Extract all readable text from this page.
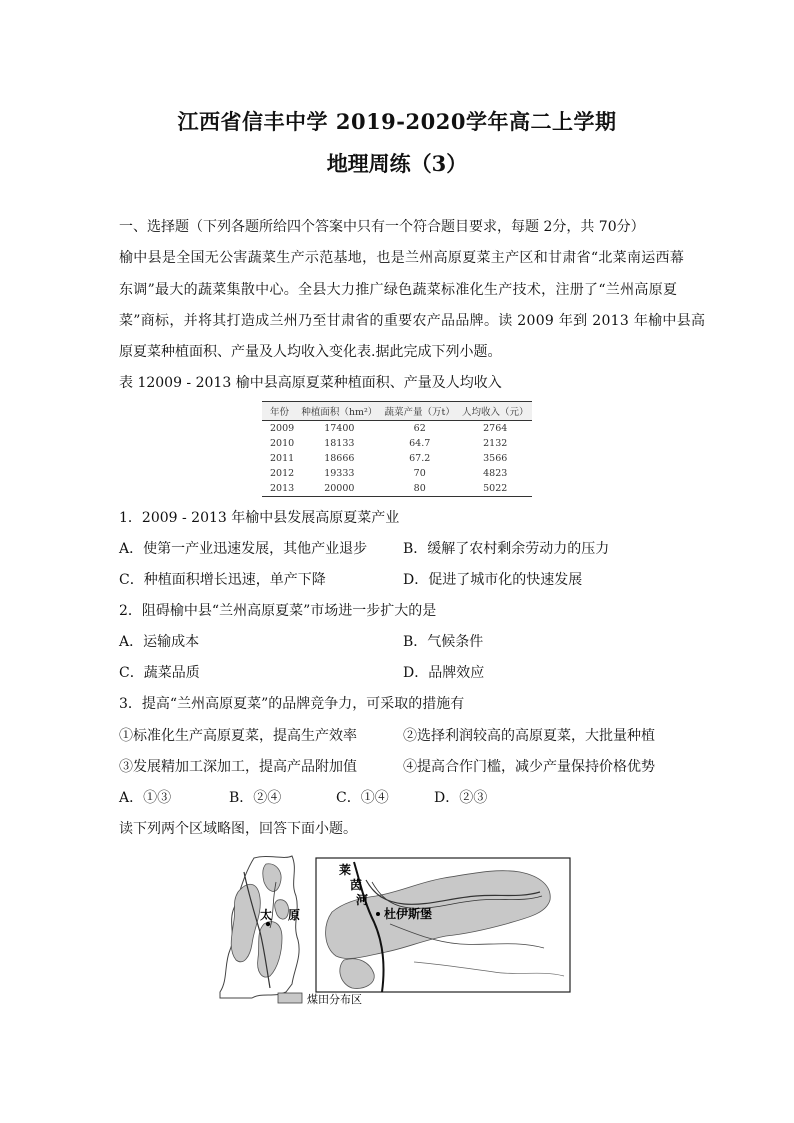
江西省信丰中学 2019-2020学年高二上学期
地理周练（3）
一、选择题（下列各题所给四个答案中只有一个符合题目要求，每题 2分，共 70分）
榆中县是全国无公害蔬菜生产示范基地，也是兰州高原夏菜主产区和甘肃省“北菜南运西幕
东调”最大的蔬菜集散中心。全县大力推广绿色蔬菜标准化生产技术，注册了“兰州高原夏
菜”商标，并将其打造成兰州乃至甘肃省的重要农产品品牌。读 2009 年到 2013 年榆中县高
原夏菜种植面积、产量及人均收入变化表.据此完成下列小题。
表 12009 - 2013 榆中县高原夏菜种植面积、产量及人均收入
年份	种植面积（hm²）	蔬菜产量（万t）	人均收入（元）
2009	17400	62	2764
2010	18133	64.7	2132
2011	18666	67.2	3566
2012	19333	70	4823
2013	20000	80	5022
1．2009 - 2013 年榆中县发展高原夏菜产业
A．使第一产业迅速发展，其他产业退步	B．缓解了农村剩余劳动力的压力
C．种植面积增长迅速，单产下降	D．促进了城市化的快速发展
2．阻碍榆中县“兰州高原夏菜”市场进一步扩大的是
A．运输成本	B．气候条件
C．蔬菜品质	D．品牌效应
3．提高“兰州高原夏菜”的品牌竞争力，可采取的措施有
①标准化生产高原夏菜，提高生产效率	②选择利润较高的高原夏菜，大批量种植
③发展精加工深加工，提高产品附加值	④提高合作门槛，减少产量保持价格优势
A．①③	B．②④	C．①④	D．②③
读下列两个区域略图，回答下面小题。
太 原
莱
茵
河
杜伊斯堡
煤田分布区
